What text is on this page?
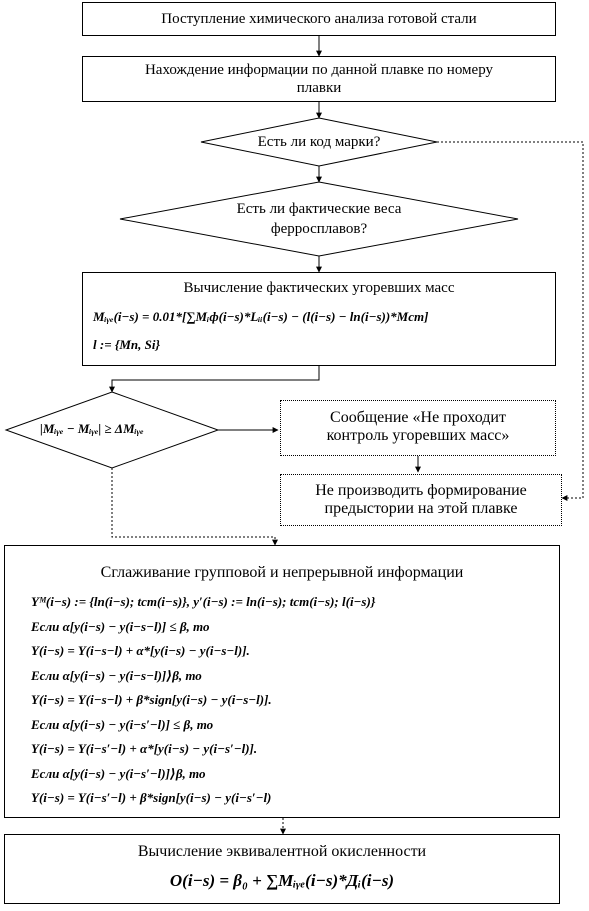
Поступление химического анализа готовой стали
Нахождение информации по данной плавке по номеру
плавки
Есть ли код марки?
Есть ли фактические веса
ферросплавов?
Вычисление фактических угоревших масс
Mᵢᵧₑ(i−s) = 0.01*[∑Mᵢф(i−s)*Lᵢᵢ(i−s) − (l(i−s) − lп(i−s))*Mст]
l := {Mn, Si}
|Mᵢᵧₑ − Mᵢᵧₑ| ≥ ΔMᵢᵧₑ
Сообщение «Не проходит
контроль угоревших масс»
Не производить формирование
предыстории на этой плавке
Сглаживание групповой и непрерывной информации
Yᴹ(i−s) := {lп(i−s); tст(i−s)}, y′(i−s) := lп(i−s); tст(i−s); l(i−s)}
Если α[y(i−s) − y(i−s−l)] ≤ β, то
Y(i−s) = Y(i−s−l) + α*[y(i−s) − y(i−s−l)].
Если α[y(i−s) − y(i−s−l)]⟩β, то
Y(i−s) = Y(i−s−l) + β*sign[y(i−s) − y(i−s−l)].
Если α[y(i−s) − y(i−s′−l)] ≤ β, то
Y(i−s) = Y(i−s′−l) + α*[y(i−s) − y(i−s′−l)].
Если α[y(i−s) − y(i−s′−l)]⟩β, то
Y(i−s) = Y(i−s′−l) + β*sign[y(i−s) − y(i−s′−l)
Вычисление эквивалентной окисленности
O(i−s) = β₀ + ∑Mᵢᵧₑ(i−s)*Дᵢ(i−s)
